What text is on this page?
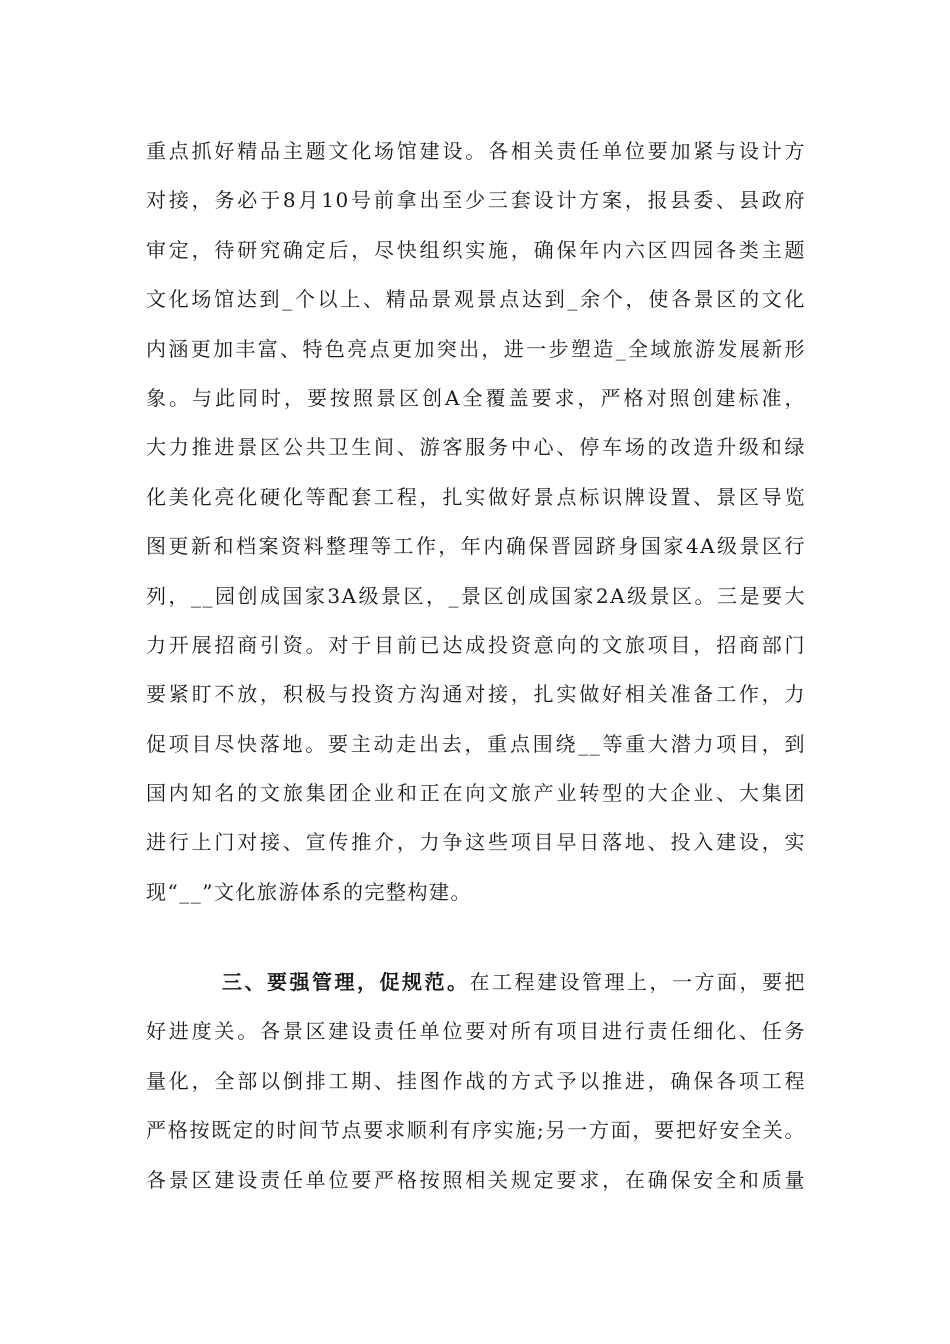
重点抓好精品主题文化场馆建设。各相关责任单位要加紧与设计方
对接，务必于8月10号前拿出至少三套设计方案，报县委、县政府
审定，待研究确定后，尽快组织实施，确保年内六区四园各类主题
文化场馆达到_个以上、精品景观景点达到_余个，使各景区的文化
内涵更加丰富、特色亮点更加突出，进一步塑造_全域旅游发展新形
象。与此同时，要按照景区创A全覆盖要求，严格对照创建标准，
大力推进景区公共卫生间、游客服务中心、停车场的改造升级和绿
化美化亮化硬化等配套工程，扎实做好景点标识牌设置、景区导览
图更新和档案资料整理等工作，年内确保晋园跻身国家4A级景区行
列，__园创成国家3A级景区，_景区创成国家2A级景区。三是要大
力开展招商引资。对于目前已达成投资意向的文旅项目，招商部门
要紧盯不放，积极与投资方沟通对接，扎实做好相关准备工作，力
促项目尽快落地。要主动走出去，重点围绕__等重大潜力项目，到
国内知名的文旅集团企业和正在向文旅产业转型的大企业、大集团
进行上门对接、宣传推介，力争这些项目早日落地、投入建设，实
现“__”文化旅游体系的完整构建。
三、要强管理，促规范。在工程建设管理上，一方面，要把
好进度关。各景区建设责任单位要对所有项目进行责任细化、任务
量化，全部以倒排工期、挂图作战的方式予以推进，确保各项工程
严格按既定的时间节点要求顺利有序实施;另一方面，要把好安全关。
各景区建设责任单位要严格按照相关规定要求，在确保安全和质量
